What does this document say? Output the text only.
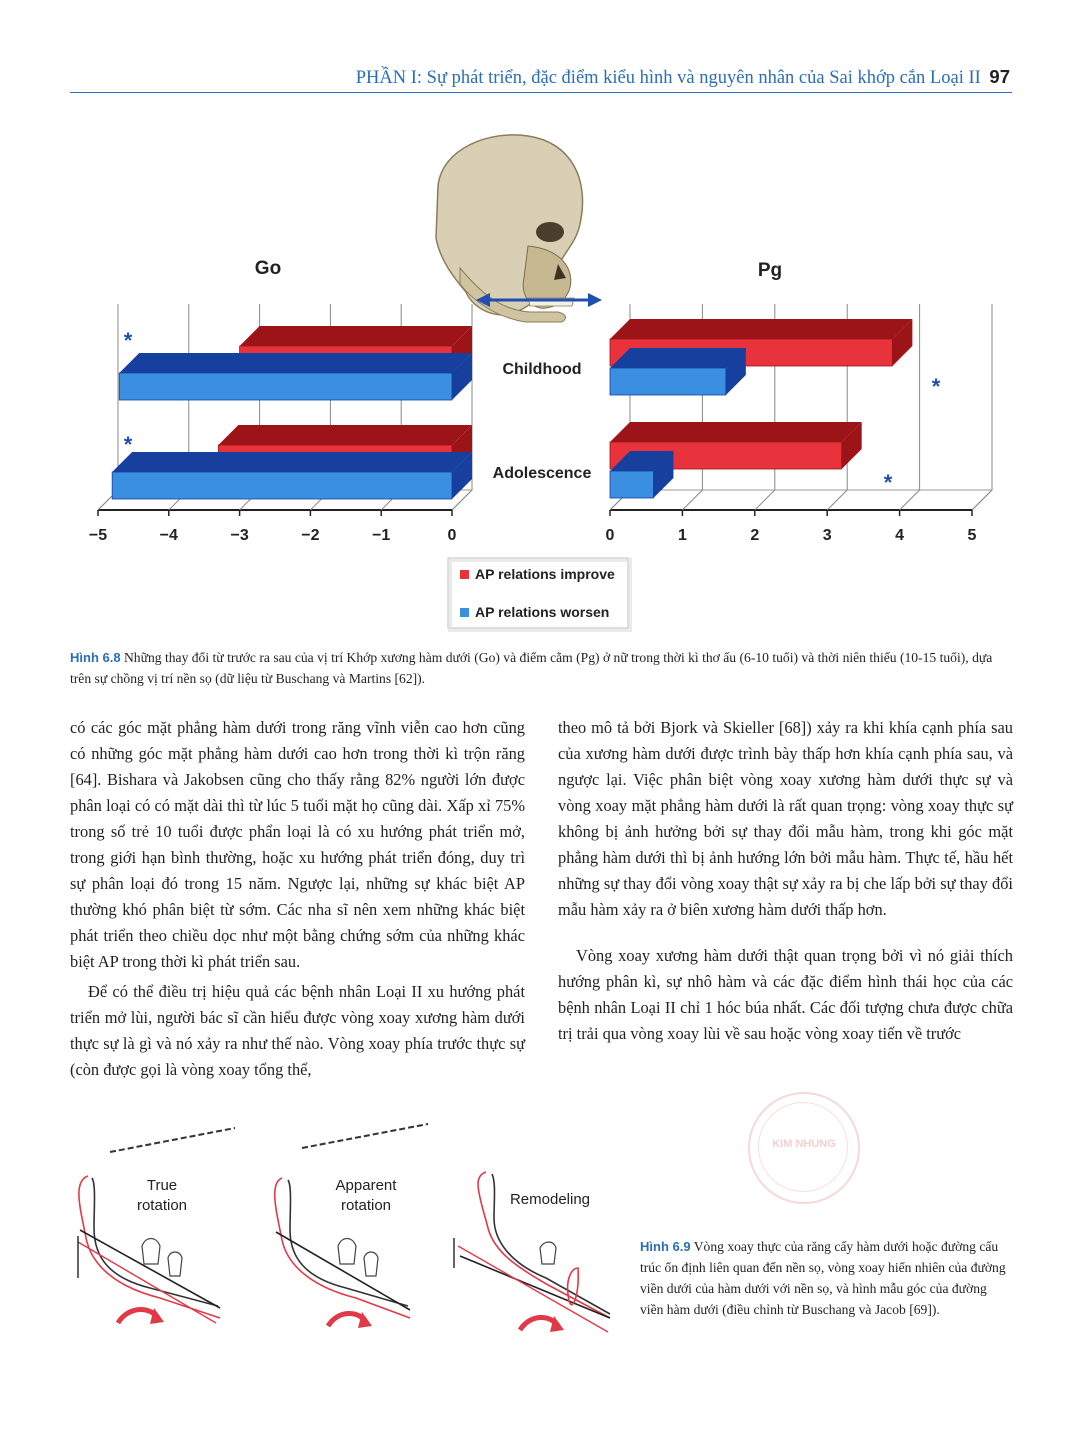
PHẦN I: Sự phát triển, đặc điểm kiểu hình và nguyên nhân của Sai khớp cắn Loại II 97
Go
−5	−4	−3	−2	−1	0
*
*
Pg
0	1	2	3	4	5
*
*
Childhood
Adolescence
AP relations improve
AP relations worsen
Hình 6.8 Những thay đổi từ trước ra sau của vị trí Khớp xương hàm dưới (Go) và điểm cằm (Pg) ở nữ trong thời kì thơ ấu (6-10 tuổi) và thời niên thiếu (10-15 tuổi), dựa trên sự chồng vị trí nền sọ (dữ liệu từ Buschang và Martins [62]).

có các góc mặt phẳng hàm dưới trong răng vĩnh viễn cao hơn cũng có những góc mặt phẳng hàm dưới cao hơn trong thời kì trộn răng [64]. Bishara và Jakobsen cũng cho thấy rằng 82% người lớn được phân loại có có mặt dài thì từ lúc 5 tuổi mặt họ cũng dài. Xấp xỉ 75% trong số trẻ 10 tuổi được phẩn loại là có xu hướng phát triển mở, trong giới hạn bình thường, hoặc xu hướng phát triển đóng, duy trì sự phân loại đó trong 15 năm. Ngược lại, những sự khác biệt AP thường khó phân biệt từ sớm. Các nha sĩ nên xem những khác biệt phát triển theo chiều dọc như một bằng chứng sớm của những khác biệt AP trong thời kì phát triển sau.

Để có thể điều trị hiệu quả các bệnh nhân Loại II xu hướng phát triển mở lùi, người bác sĩ cần hiểu được vòng xoay xương hàm dưới thực sự là gì và nó xảy ra như thế nào. Vòng xoay phía trước thực sự (còn được gọi là vòng xoay tổng thể,

theo mô tả bởi Bjork và Skieller [68]) xảy ra khi khía cạnh phía sau của xương hàm dưới được trình bày thấp hơn khía cạnh phía sau, và ngược lại. Việc phân biệt vòng xoay xương hàm dưới thực sự và vòng xoay mặt phẳng hàm dưới là rất quan trọng: vòng xoay thực sự không bị ảnh hưởng bởi sự thay đổi mẫu hàm, trong khi góc mặt phẳng hàm dưới thì bị ảnh hướng lớn bởi mẫu hàm. Thực tế, hầu hết những sự thay đổi vòng xoay thật sự xảy ra bị che lấp bởi sự thay đổi mẫu hàm xảy ra ở biên xương hàm dưới thấp hơn.

Vòng xoay xương hàm dưới thật quan trọng bởi vì nó giải thích hướng phân kì, sự nhô hàm và các đặc điểm hình thái học của các bệnh nhân Loại II chỉ 1 hóc búa nhất. Các đối tượng chưa được chữa trị trải qua vòng xoay lùi về sau hoặc vòng xoay tiến về trước

KIM NHUNG
True
rotation
Apparent
rotation	Remodeling
Hình 6.9 Vòng xoay thực của răng cấy hàm dưới hoặc đường cấu trúc ổn định liên quan đến nền sọ, vòng xoay hiển nhiên của đường viền dưới của hàm dưới với nền sọ, và hình mẫu góc của đường viền hàm dưới (điều chỉnh từ Buschang và Jacob [69]).
